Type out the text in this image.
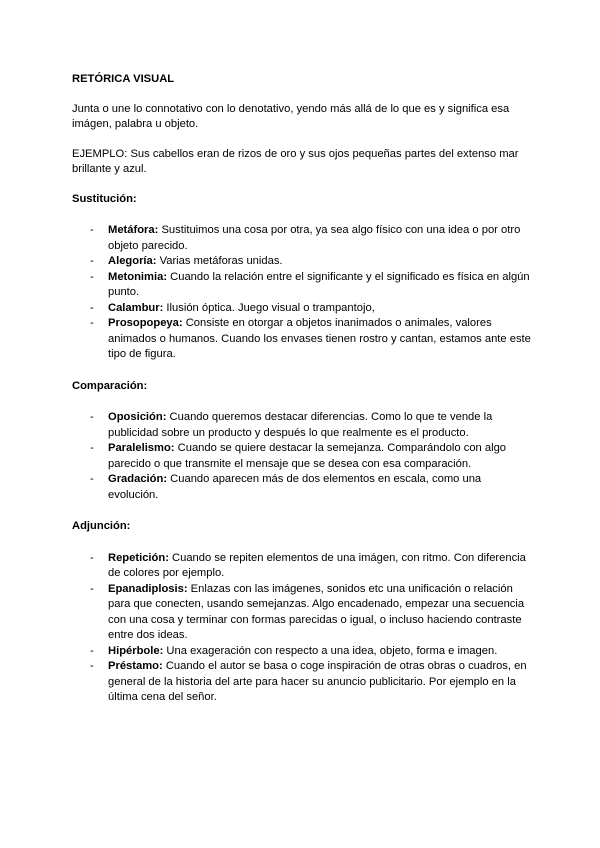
RETÓRICA VISUAL

Junta o une lo connotativo con lo denotativo, yendo más allá de lo que es y significa esa imágen, palabra u objeto.

EJEMPLO: Sus cabellos eran de rizos de oro y sus ojos pequeñas partes del extenso mar brillante y azul.

Sustitución:
- Metáfora: Sustituimos una cosa por otra, ya sea algo físico con una idea o por otro objeto parecido.
- Alegoría: Varias metáforas unidas.
- Metonimia: Cuando la relación entre el significante y el significado es física en algún punto.
- Calambur: Ilusión óptica. Juego visual o trampantojo,
- Prosopopeya: Consiste en otorgar a objetos inanimados o animales, valores animados o humanos. Cuando los envases tienen rostro y cantan, estamos ante este tipo de figura.
Comparación:
- Oposición: Cuando queremos destacar diferencias. Como lo que te vende la publicidad sobre un producto y después lo que realmente es el producto.
- Paralelismo: Cuando se quiere destacar la semejanza. Comparándolo con algo parecido o que transmite el mensaje que se desea con esa comparación.
- Gradación: Cuando aparecen más de dos elementos en escala, como una evolución.
Adjunción:
- Repetición: Cuando se repiten elementos de una imágen, con ritmo. Con diferencia de colores por ejemplo.
- Epanadiplosis: Enlazas con las imágenes, sonidos etc una unificación o relación para que conecten, usando semejanzas. Algo encadenado, empezar una secuencia con una cosa y terminar con formas parecidas o igual, o incluso haciendo contraste entre dos ideas.
- Hipérbole: Una exageración con respecto a una idea, objeto, forma e imagen.
- Préstamo: Cuando el autor se basa o coge inspiración de otras obras o cuadros, en general de la historia del arte para hacer su anuncio publicitario. Por ejemplo en la última cena del señor.
